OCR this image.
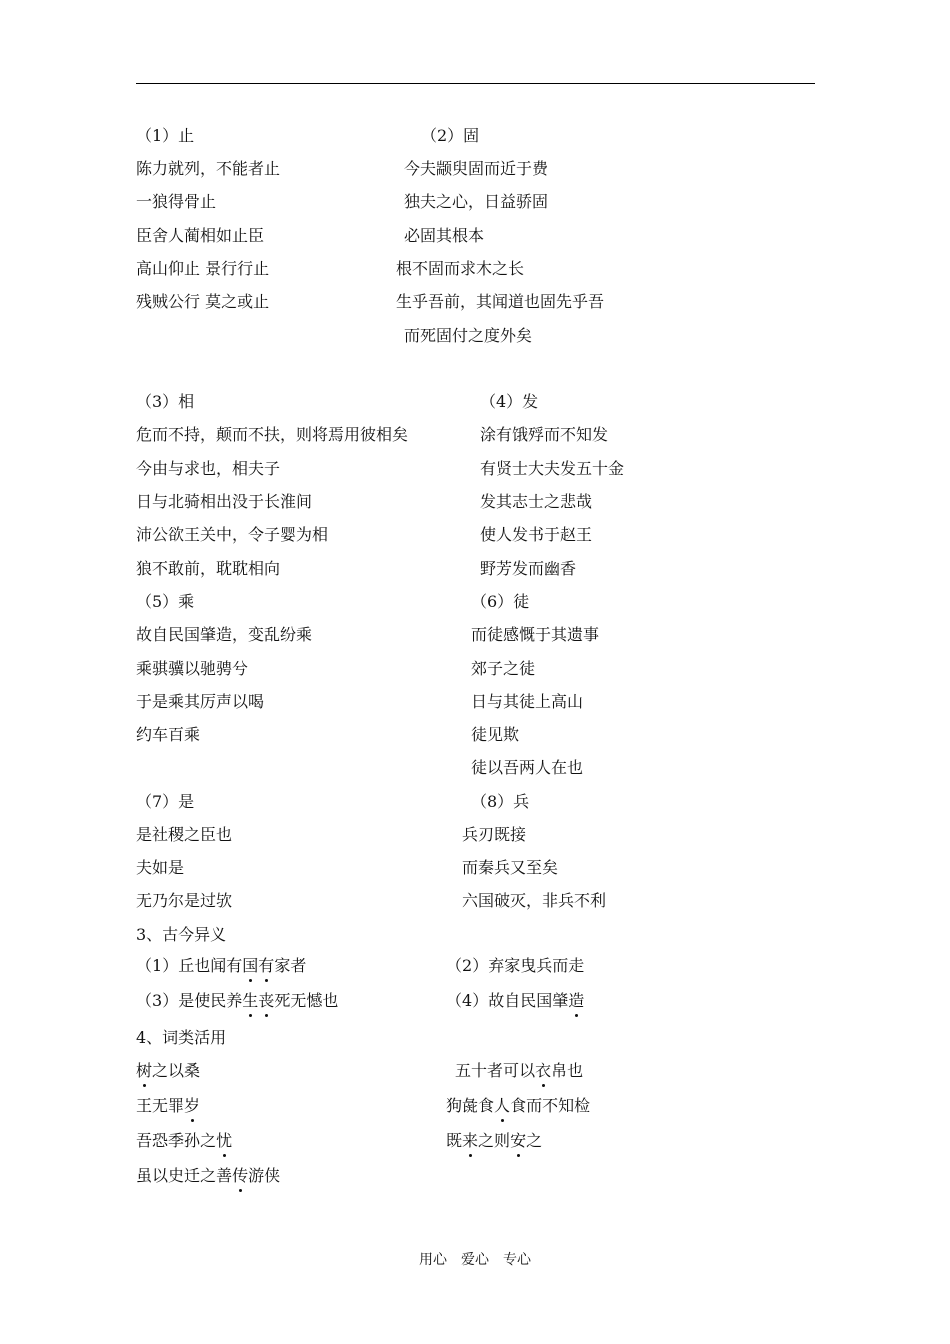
（1）止
陈力就列，不能者止
一狼得骨止
臣舍人蔺相如止臣
高山仰止 景行行止
残贼公行 莫之或止
（2）固
今夫颛臾固而近于费
独夫之心，日益骄固
必固其根本
根不固而求木之长
生乎吾前，其闻道也固先乎吾
而死固付之度外矣
（3）相
危而不持，颠而不扶，则将焉用彼相矣
今由与求也，相夫子
日与北骑相出没于长淮间
沛公欲王关中，令子婴为相
狼不敢前，耽耽相向
（4）发
涂有饿殍而不知发
有贤士大夫发五十金
发其志士之悲哉
使人发书于赵王
野芳发而幽香
（5）乘
故自民国肇造，变乱纷乘
乘骐骥以驰骋兮
于是乘其厉声以喝
约车百乘
（6）徒
而徒感慨于其遗事
郊子之徒
日与其徒上高山
徒见欺
徒以吾两人在也
（7）是
是社稷之臣也
夫如是
无乃尔是过欤
（8）兵
兵刃既接
而秦兵又至矣
六国破灭，非兵不利
3、古今异义
（1）丘也闻有国有家者	（2）弃家曳兵而走
（3）是使民养生丧死无憾也	（4）故自民国肇造
4、词类活用
树之以桑	五十者可以衣帛也
王无罪岁	狗彘食人食而不知检
吾恐季孙之忧	既来之则安之
虽以史迁之善传游侠
用心　爱心　专心
